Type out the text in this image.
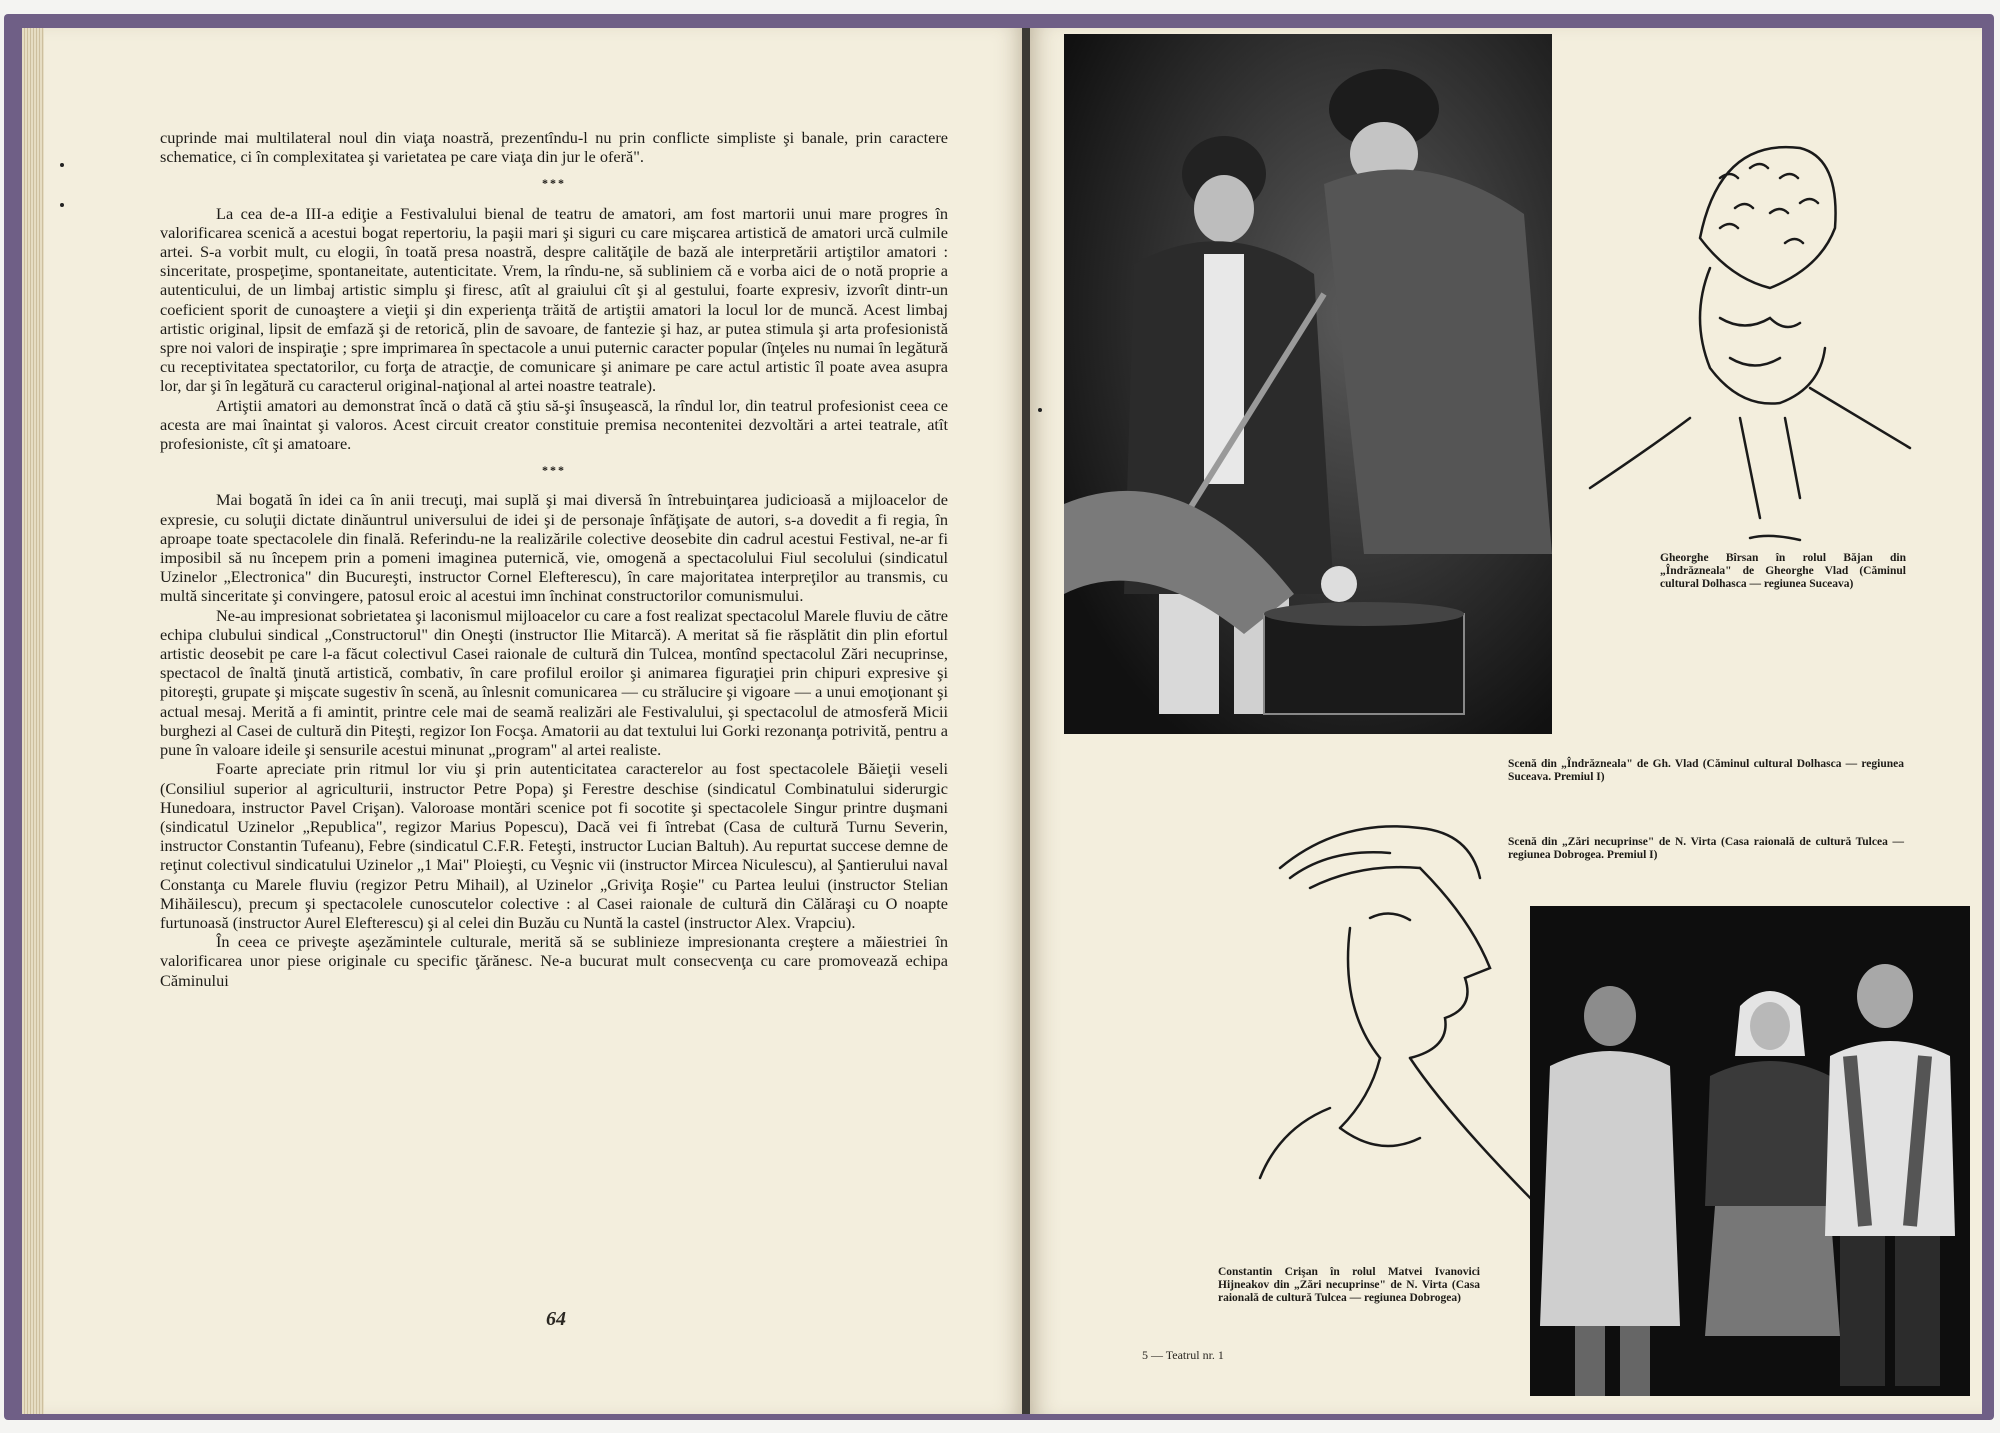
cuprinde mai multilateral noul din viaţa noastră, prezentîndu-l nu prin conflicte simpliste şi banale, prin caractere schematice, ci în complexitatea şi varietatea pe care viaţa din jur le oferă".

***

La cea de-a III-a ediţie a Festivalului bienal de teatru de amatori, am fost martorii unui mare progres în valorificarea scenică a acestui bogat repertoriu, la paşii mari şi siguri cu care mişcarea artistică de amatori urcă culmile artei. S-a vorbit mult, cu elogii, în toată presa noastră, despre calităţile de bază ale interpretării artiştilor amatori : sinceritate, prospeţime, spontaneitate, autenticitate. Vrem, la rîndu-ne, să subliniem că e vorba aici de o notă proprie a autenticului, de un limbaj artistic simplu şi firesc, atît al graiului cît şi al gestului, foarte expresiv, izvorît dintr-un coeficient sporit de cunoaştere a vieţii şi din experienţa trăită de artiştii amatori la locul lor de muncă. Acest limbaj artistic original, lipsit de emfază şi de retorică, plin de savoare, de fantezie şi haz, ar putea stimula şi arta profesionistă spre noi valori de inspiraţie ; spre imprimarea în spectacole a unui puternic caracter popular (înţeles nu numai în legătură cu receptivitatea spectatorilor, cu forţa de atracţie, de comunicare şi animare pe care actul artistic îl poate avea asupra lor, dar şi în legătură cu caracterul original-naţional al artei noastre teatrale).

Artiştii amatori au demonstrat încă o dată că ştiu să-şi însuşească, la rîndul lor, din teatrul profesionist ceea ce acesta are mai înaintat şi valoros. Acest circuit creator constituie premisa necontenitei dezvoltări a artei teatrale, atît profesioniste, cît şi amatoare.

***

Mai bogată în idei ca în anii trecuţi, mai suplă şi mai diversă în întrebuinţarea judicioasă a mijloacelor de expresie, cu soluţii dictate dinăuntrul universului de idei şi de personaje înfăţişate de autori, s-a dovedit a fi regia, în aproape toate spectacolele din finală. Referindu-ne la realizările colective deosebite din cadrul acestui Festival, ne-ar fi imposibil să nu începem prin a pomeni imaginea puternică, vie, omogenă a spectacolului Fiul secolului (sindicatul Uzinelor „Electronica" din Bucureşti, instructor Cornel Elefterescu), în care majoritatea interpreţilor au transmis, cu multă sinceritate şi convingere, patosul eroic al acestui imn închinat constructorilor comunismului.

Ne-au impresionat sobrietatea şi laconismul mijloacelor cu care a fost realizat spectacolul Marele fluviu de către echipa clubului sindical „Constructorul" din Oneşti (instructor Ilie Mitarcă). A meritat să fie răsplătit din plin efortul artistic deosebit pe care l-a făcut colectivul Casei raionale de cultură din Tulcea, montînd spectacolul Zări necuprinse, spectacol de înaltă ţinută artistică, combativ, în care profilul eroilor şi animarea figuraţiei prin chipuri expresive şi pitoreşti, grupate şi mişcate sugestiv în scenă, au înlesnit comunicarea — cu strălucire şi vigoare — a unui emoţionant şi actual mesaj. Merită a fi amintit, printre cele mai de seamă realizări ale Festivalului, şi spectacolul de atmosferă Micii burghezi al Casei de cultură din Piteşti, regizor Ion Focşa. Amatorii au dat textului lui Gorki rezonanţa potrivită, pentru a pune în valoare ideile şi sensurile acestui minunat „program" al artei realiste.

Foarte apreciate prin ritmul lor viu şi prin autenticitatea caracterelor au fost spectacolele Băieţii veseli (Consiliul superior al agriculturii, instructor Petre Popa) şi Ferestre deschise (sindicatul Combinatului siderurgic Hunedoara, instructor Pavel Crişan). Valoroase montări scenice pot fi socotite şi spectacolele Singur printre duşmani (sindicatul Uzinelor „Republica", regizor Marius Popescu), Dacă vei fi întrebat (Casa de cultură Turnu Severin, instructor Constantin Tufeanu), Febre (sindicatul C.F.R. Feteşti, instructor Lucian Baltuh). Au repurtat succese demne de reţinut colectivul sindicatului Uzinelor „1 Mai" Ploieşti, cu Veşnic vii (instructor Mircea Niculescu), al Şantierului naval Constanţa cu Marele fluviu (regizor Petru Mihail), al Uzinelor „Griviţa Roşie" cu Partea leului (instructor Stelian Mihăilescu), precum şi spectacolele cunoscutelor colective : al Casei raionale de cultură din Călăraşi cu O noapte furtunoasă (instructor Aurel Elefterescu) şi al celei din Buzău cu Nuntă la castel (instructor Alex. Vrapciu).

În ceea ce priveşte aşezămintele culturale, merită să se sublinieze impresionanta creştere a măiestriei în valorificarea unor piese originale cu specific ţărănesc. Ne-a bucurat mult consecvenţa cu care promovează echipa Căminului

64
Gheorghe Bîrsan în rolul Băjan din „Îndrăzneala" de Gheorghe Vlad (Căminul cultural Dolhasca — regiunea Suceava)
Scenă din „Îndrăzneala" de Gh. Vlad (Căminul cultural Dolhasca — regiunea Suceava. Premiul I)
Scenă din „Zări necuprinse" de N. Virta (Casa raională de cultură Tulcea — regiunea Dobrogea. Premiul I)
Constantin Crişan în rolul Matvei Ivanovici Hijneakov din „Zări necuprinse" de N. Virta (Casa raională de cultură Tulcea — regiunea Dobrogea)
5 — Teatrul nr. 1
